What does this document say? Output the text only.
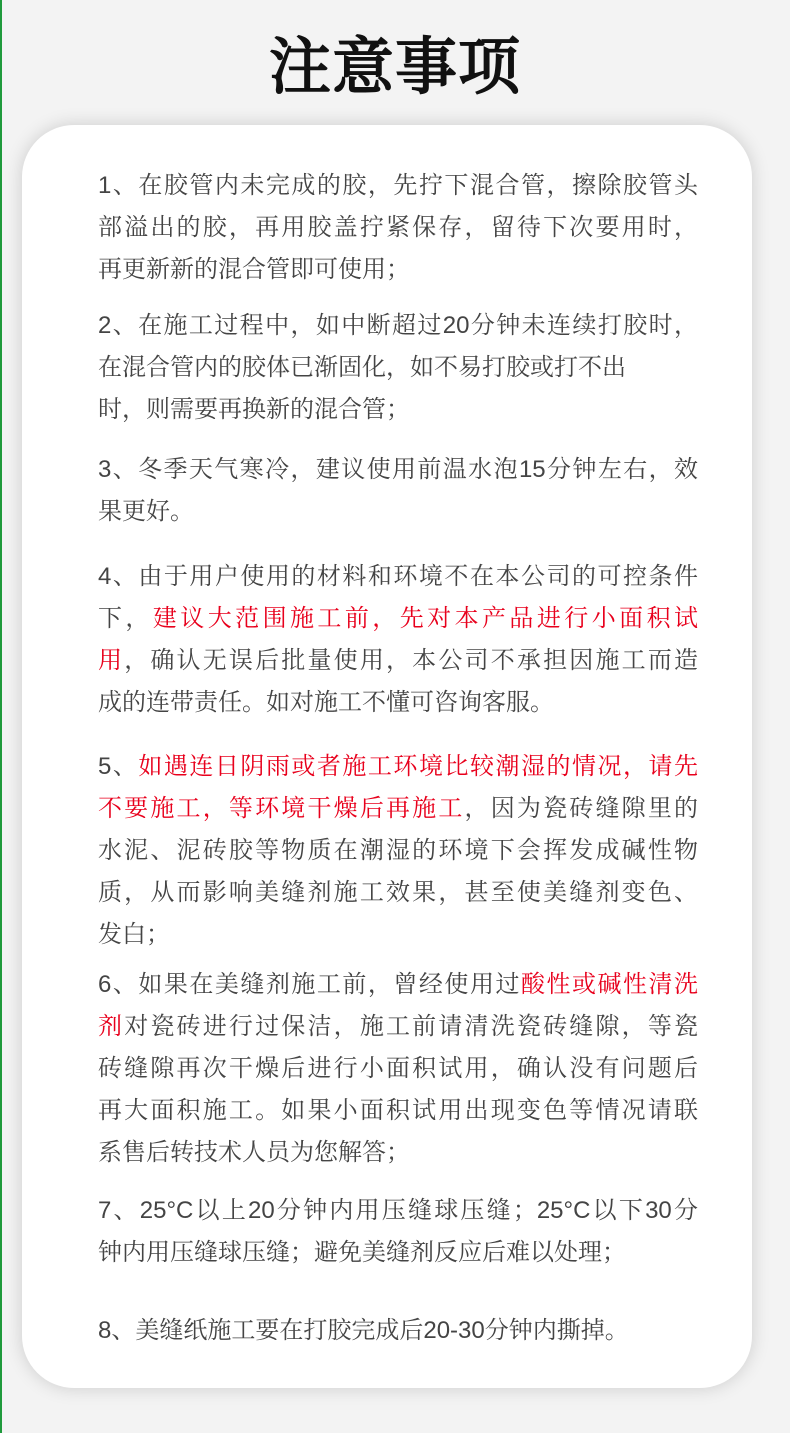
注意事项
1、在胶管内未完成的胶，先拧下混合管，擦除胶管头
部溢出的胶，再用胶盖拧紧保存，留待下次要用时，
再更新新的混合管即可使用；
2、在施工过程中，如中断超过20分钟未连续打胶时，
在混合管内的胶体已渐固化，如不易打胶或打不出
时，则需要再换新的混合管；
3、冬季天气寒冷，建议使用前温水泡15分钟左右，效
果更好。
4、由于用户使用的材料和环境不在本公司的可控条件
下，建议大范围施工前，先对本产品进行小面积试
用，确认无误后批量使用，本公司不承担因施工而造
成的连带责任。如对施工不懂可咨询客服。
5、如遇连日阴雨或者施工环境比较潮湿的情况，请先
不要施工，等环境干燥后再施工，因为瓷砖缝隙里的
水泥、泥砖胶等物质在潮湿的环境下会挥发成碱性物
质，从而影响美缝剂施工效果，甚至使美缝剂变色、
发白；
6、如果在美缝剂施工前，曾经使用过酸性或碱性清洗
剂对瓷砖进行过保洁，施工前请清洗瓷砖缝隙，等瓷
砖缝隙再次干燥后进行小面积试用，确认没有问题后
再大面积施工。如果小面积试用出现变色等情况请联
系售后转技术人员为您解答；
7、25°C以上20分钟内用压缝球压缝；25°C以下30分
钟内用压缝球压缝；避免美缝剂反应后难以处理；
8、美缝纸施工要在打胶完成后20-30分钟内撕掉。
